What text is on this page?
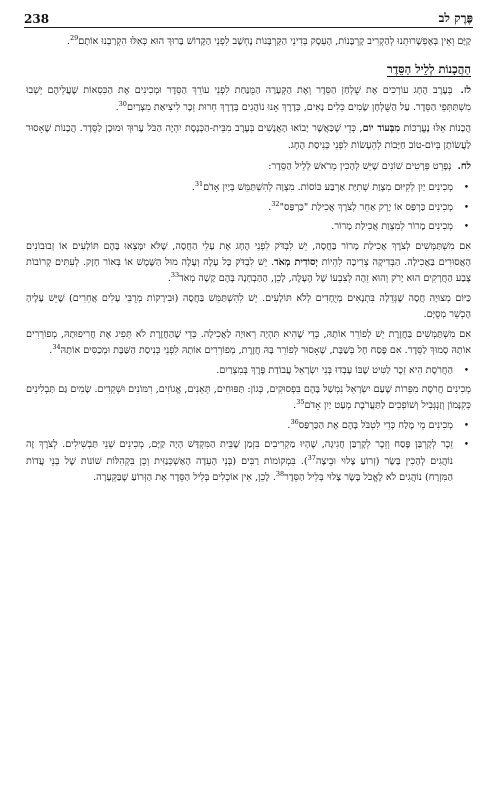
238	פֶּרֶק לב

קַיָּם וְאֵין בְּאֶפְשָׁרוּתֵנוּ לְהַקְרִיב קָרְבָּנוֹת, הָעֵסֶק בְּדִינֵי הַקָּרְבָּנוֹת נֶחְשָׁב לִפְנֵי הַקָּדוֹשׁ בָּרוּךְ הוּא כְּאִלּוּ הִקְרַבְנוּ אוֹתָם$^{29}$.

הַהֲכָנוֹת לְלֵיל הַסֵּדֶר

לז. בְּעֶרֶב הֶחָג עוֹרְכִים אֶת שֻׁלְחַן הַסֵּדֶר וְאֶת הַקְּעָרָה הַמֻּנַּחַת לִפְנֵי עוֹרֵךְ הַסֵּדֶר וּמְכִינִים אֶת הַכִּסְאוֹת שֶׁעֲלֵיהֶם יֵשְׁבוּ מִשְׁתַּתְּפֵי הַסֵּדֶר. עַל הַשֻּׁלְחָן שָׂמִים כֵּלִים נָאִים, כְּדֶרֶךְ אָנוּ נוֹהֲגִים בְּדֶרֶךְ חֵרוּת זֵכֶר לִיצִיאַת מִצְרַיִם$^{30}$.

הֲכָנוֹת אֵלּוּ נֶעֱרָכוֹת מִבְּעוֹד יוֹם, כְּדֵי שֶׁכַּאֲשֶׁר יָבוֹאוּ הָאֲנָשִׁים בְּעֶרֶב מִבֵּית-הַכְּנֶסֶת יִהְיֶה הַכֹּל עָרוּךְ וּמוּכָן לַסֵּדֶר. הֲכָנוֹת שֶׁאָסוּר לַעֲשׂוֹתָן בְּיוֹם-טוֹב חַיָּבוֹת לְהֵעָשׂוֹת לִפְנֵי כְּנִיסַת הֶחָג.

לח. נְפָרֵט פְּרָטִים שׁוֹנִים שֶׁיֵּשׁ לְהָכִין מֵרֹאשׁ לְלֵיל הַסֵּדֶר:

•

מְכִינִים יַיִן לְקִיּוּם מִצְוַת שְׁתִיַּת אַרְבַּע כּוֹסוֹת. מִצְוָה לְהִשְׁתַּמֵּשׁ בְּיַיִן אָדֹם$^{31}$.

•

מְכִינִים כַּרְפַּס אוֹ יָרָק אַחֵר לְצֹרֶךְ אֲכִילַת "כַּרְפַּס"$^{32}$.

•

מְכִינִים מָרוֹר לְמִצְוַת אֲכִילַת מָרוֹר.

אִם מִשְׁתַּמְּשִׁים לְצֹרֶךְ אֲכִילַת מָרוֹר בַּחֲסָה, יֵשׁ לִבְדֹּק לִפְנֵי הֶחָג אֶת עָלֵי הַחֲסָה, שֶׁלֹּא יִמָּצְאוּ בָּהֶם תּוֹלָעִים אוֹ זְבוּבוֹנִים הָאֲסוּרִים בַּאֲכִילָה. הַבְּדִיקָה צְרִיכָה לִהְיוֹת יְסוֹדִית מְאֹד. יֵשׁ לִבְדֹּק כָּל עָלֶה וְעָלֶה מוּל הַשֶּׁמֶשׁ אוֹ בְּאוֹר חָזָק. לְעִתִּים קְרוֹבוֹת צֶבַע הַחֲרָקִים הוּא יָרֹק וְהוּא זֵהֶה לְצִבְעוֹ שֶׁל הֶעָלֶה, לָכֵן, הַהַבְחָנָה בָּהֶם קָשָׁה מְאֹד$^{33}$.

כַּיּוֹם מְצוּיָה חֲסָה שֶׁגְּדֵלָה בִּתְנָאִים מְיֻחָדִים לְלֹא תּוֹלָעִים. יֵשׁ לְהִשְׁתַּמֵּשׁ בַּחֲסָה (וּבִירָקוֹת מְרֻבֵּי עָלִים אֲחֵרִים) שֶׁיֵּשׁ עָלֶיהָ הֶכְשֵׁר מְסֻיָּם.

אִם מִשְׁתַּמְּשִׁים בַּחֲזֶרֶת יֵשׁ לְפוֹרֵר אוֹתָהּ, כְּדֵי שֶׁהִיא תִּהְיֶה רְאוּיָה לַאֲכִילָה. כְּדֵי שֶׁהַחֲזֶרֶת לֹא תְּפִיג אֶת חֲרִיפוּתָהּ, מְפוֹרְרִים אוֹתָהּ סָמוּךְ לַסֵּדֶר. אִם פֶּסַח חָל בְּשַׁבָּת, שֶׁאָסוּר לְפוֹרֵר בָּהּ חֲזֶרֶת, מְפוֹרְרִים אוֹתָהּ לִפְנֵי כְּנִיסַת הַשַּׁבָּת וּמְכַסִּים אוֹתָהּ$^{34}$.

•

הַחֲרֹסֶת הִיא זֵכֶר לַטִּיט שֶׁבּוֹ עָבְדוּ בְּנֵי יִשְׂרָאֵל עֲבוֹדַת פֶּרֶךְ בְּמִצְרַיִם.

מְכִינִים חֲרֹסֶת מִפֵּרוֹת שֶׁעַם יִשְׂרָאֵל נִמְשַׁל בָּהֶם בִּפְסוּקִים, כְּגוֹן: תַּפּוּחִים, תְּאֵנִים, אֱגוֹזִים, רִמּוֹנִים וּשְׁקֵדִים. שָׂמִים גַּם תַּבְלִינִים כְּקִנָּמוֹן וְזַנְגְּבִיל וְשׁוֹפְכִים לַתַּעֲרֹבֶת מְעַט יַיִן אָדֹם$^{35}$.

•

מְכִינִים מֵי מֶלַח כְּדֵי לִטְבֹּל בָּהֶם אֶת הַכַּרְפַּס$^{36}$.

•

זֵכֶר לְקָרְבַּן פֶּסַח וְזֵכֶר לְקָרְבַּן חֲגִיגָה, שֶׁהָיוּ מַקְרִיבִים בִּזְמַן שֶׁבֵּית הַמִּקְדָּשׁ הָיָה קַיָּם, מְכִינִים שְׁנֵי תַּבְשִׁילִים. לְצֹרֶךְ זֶה נוֹהֲגִים לְהָכִין בָּשָׂר (זְרוֹעַ צָלוּי וּבֵיצָה$^{37}$). בִּמְקוֹמוֹת רַבִּים (בְּנֵי הָעֵדָה הָאַשְׁכְּנַזִּית וְכֵן בִּקְהִלּוֹת שׁוֹנוֹת שֶׁל בְּנֵי עֲדוֹת הַמִּזְרָח) נוֹהֲגִים לֹא לֶאֱכֹל בָּשָׂר צָלוּי בְּלֵיל הַסֵּדֶר$^{38}$. לָכֵן, אֵין אוֹכְלִים בְּלֵיל הַסֵּדֶר אֶת הַזְּרוֹעַ שֶׁבַּקְּעָרָה.
